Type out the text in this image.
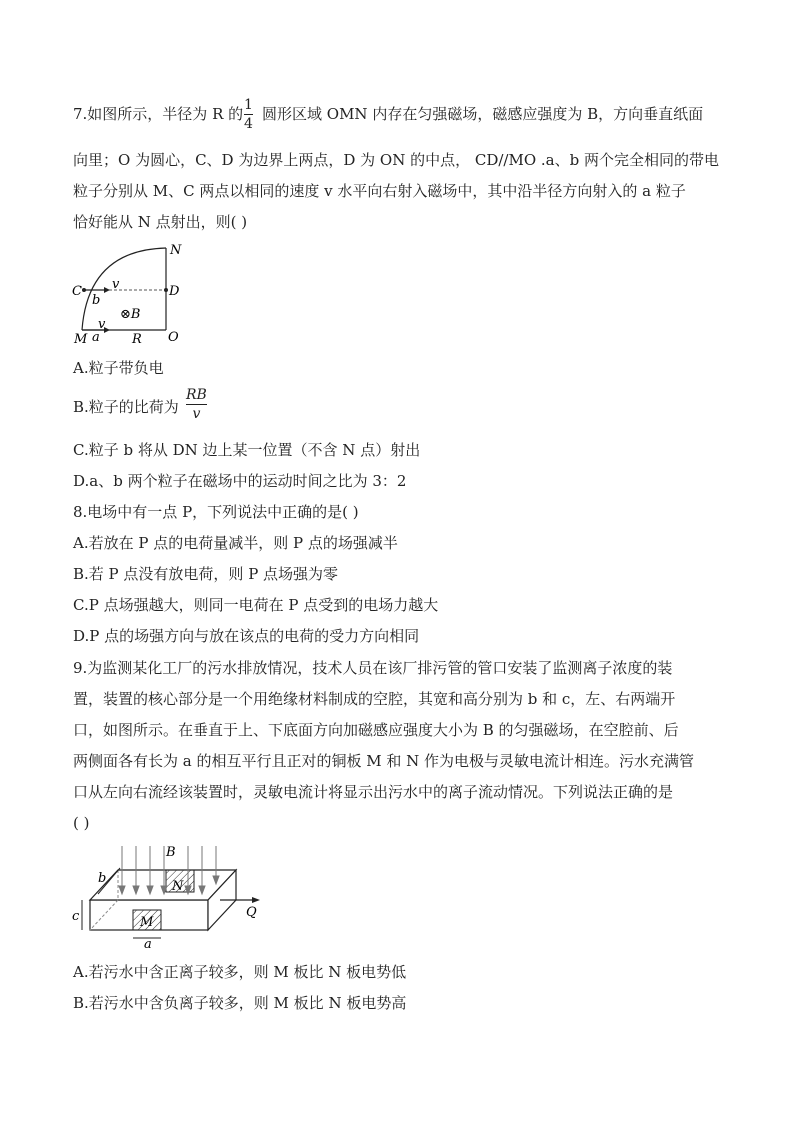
7.如图所示，半径为 R 的 1
4
圆形区域 OMN 内存在匀强磁场，磁感应强度为 B，方向垂直纸面
向里；O 为圆心，C、D 为边界上两点，D 为 ON 的中点， CD//MO .a、b 两个完全相同的带电
粒子分别从 M、C 两点以相同的速度 v 水平向右射入磁场中，其中沿半径方向射入的 a 粒子
恰好能从 N 点射出，则( )
N
C	D
b
v
⊗B
M a
v
R O
A.粒子带负电
B.粒子的比荷为
RB
v
C.粒子 b 将从 DN 边上某一位置（不含 N 点）射出
D.a、b 两个粒子在磁场中的运动时间之比为 3：2
8.电场中有一点 P，下列说法中正确的是( )
A.若放在 P 点的电荷量减半，则 P 点的场强减半
B.若 P 点没有放电荷，则 P 点场强为零
C.P 点场强越大，则同一电荷在 P 点受到的电场力越大
D.P 点的场强方向与放在该点的电荷的受力方向相同
9.为监测某化工厂的污水排放情况，技术人员在该厂排污管的管口安装了监测离子浓度的装
置，装置的核心部分是一个用绝缘材料制成的空腔，其宽和高分别为 b 和 c，左、右两端开
口，如图所示。在垂直于上、下底面方向加磁感应强度大小为 B 的匀强磁场，在空腔前、后
两侧面各有长为 a 的相互平行且正对的铜板 M 和 N 作为电极与灵敏电流计相连。污水充满管
口从左向右流经该装置时，灵敏电流计将显示出污水中的离子流动情况。下列说法正确的是
( )
B
b
N
c	M
a
Q
A.若污水中含正离子较多，则 M 板比 N 板电势低
B.若污水中含负离子较多，则 M 板比 N 板电势高
